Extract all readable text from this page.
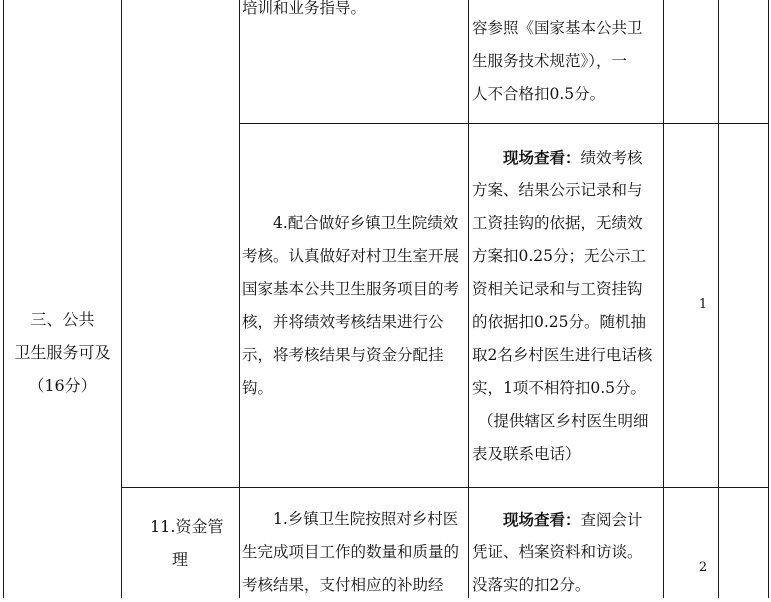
三、公共
卫生服务可及
（16分）
11.资金管
理
培训和业务指导。
容参照《国家基本公共卫
生服务技术规范》），一
人不合格扣0.5分。
4.配合做好乡镇卫生院绩效
考核。认真做好对村卫生室开展
国家基本公共卫生服务项目的考
核，并将绩效考核结果进行公
示，将考核结果与资金分配挂
钩。
现场查看：绩效考核
方案、结果公示记录和与
工资挂钩的依据，无绩效
方案扣0.25分；无公示工
资相关记录和与工资挂钩
的依据扣0.25分。随机抽
取2名乡村医生进行电话核
实，1项不相符扣0.5分。
（提供辖区乡村医生明细
表及联系电话）
1
1.乡镇卫生院按照对乡村医
生完成项目工作的数量和质量的
考核结果，支付相应的补助经
现场查看：查阅会计
凭证、档案资料和访谈。
没落实的扣2分。
2
